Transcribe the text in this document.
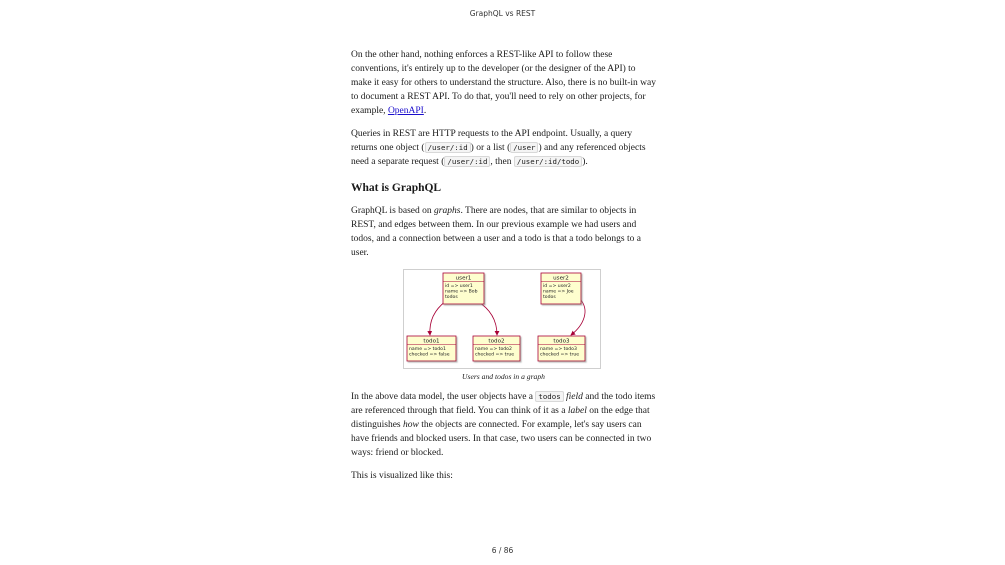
GraphQL vs REST

On the other hand, nothing enforces a REST-like API to follow these conventions, it's entirely up to the developer (or the designer of the API) to make it easy for others to understand the structure. Also, there is no built-in way to document a REST API. To do that, you'll need to rely on other projects, for example, OpenAPI.

Queries in REST are HTTP requests to the API endpoint. Usually, a query returns one object ( /user/:id ) or a list ( /user ) and any referenced objects need a separate request ( /user/:id , then /user/:id/todo ).

What is GraphQL

GraphQL is based on graphs. There are nodes, that are similar to objects in REST, and edges between them. In our previous example we had users and todos, and a connection between a user and a todo is that a todo belongs to a user.

user1
id => user1
name => Bob
todos
user2
id => user2
name => Joe
todos
todo1
name => todo1
checked => false
todo2
name => todo2
checked => true
todo3
name => todo3
checked => true
Users and todos in a graph

In the above data model, the user objects have a todos field and the todo items are referenced through that field. You can think of it as a label on the edge that distinguishes how the objects are connected. For example, let's say users can have friends and blocked users. In that case, two users can be connected in two ways: friend or blocked.

This is visualized like this:

6 / 86
